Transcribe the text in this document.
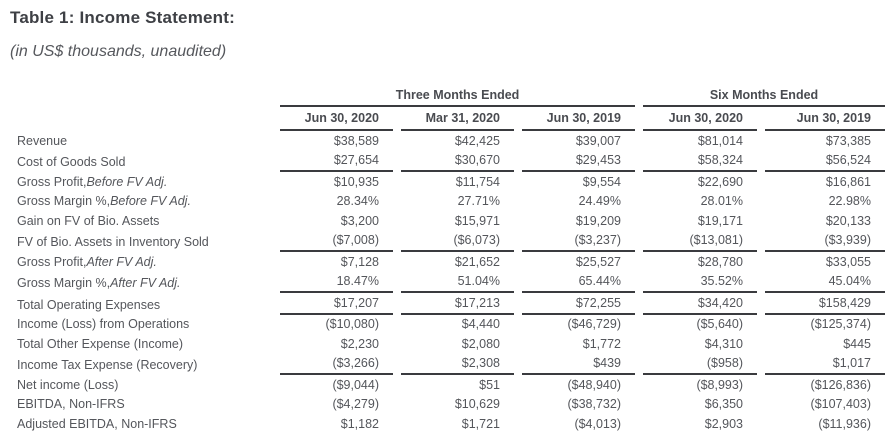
Table 1: Income Statement:

(in US$ thousands, unaudited)

Three Months Ended	Six Months Ended
Jun 30, 2020	Mar 31, 2020	Jun 30, 2019	Jun 30, 2020	Jun 30, 2019
Revenue	$38,589	$42,425	$39,007	$81,014	$73,385
Cost of Goods Sold	$27,654	$30,670	$29,453	$58,324	$56,524
Gross Profit, Before FV Adj.	$10,935	$11,754	$9,554	$22,690	$16,861
Gross Margin %, Before FV Adj.	28.34%	27.71%	24.49%	28.01%	22.98%
Gain on FV of Bio. Assets	$3,200	$15,971	$19,209	$19,171	$20,133
FV of Bio. Assets in Inventory Sold	($7,008)	($6,073)	($3,237)	($13,081)	($3,939)
Gross Profit, After FV Adj.	$7,128	$21,652	$25,527	$28,780	$33,055
Gross Margin %, After FV Adj.	18.47%	51.04%	65.44%	35.52%	45.04%
Total Operating Expenses	$17,207	$17,213	$72,255	$34,420	$158,429
Income (Loss) from Operations	($10,080)	$4,440	($46,729)	($5,640)	($125,374)
Total Other Expense (Income)	$2,230	$2,080	$1,772	$4,310	$445
Income Tax Expense (Recovery)	($3,266)	$2,308	$439	($958)	$1,017
Net income (Loss)	($9,044)	$51	($48,940)	($8,993)	($126,836)
EBITDA, Non-IFRS	($4,279)	$10,629	($38,732)	$6,350	($107,403)
Adjusted EBITDA, Non-IFRS	$1,182	$1,721	($4,013)	$2,903	($11,936)
